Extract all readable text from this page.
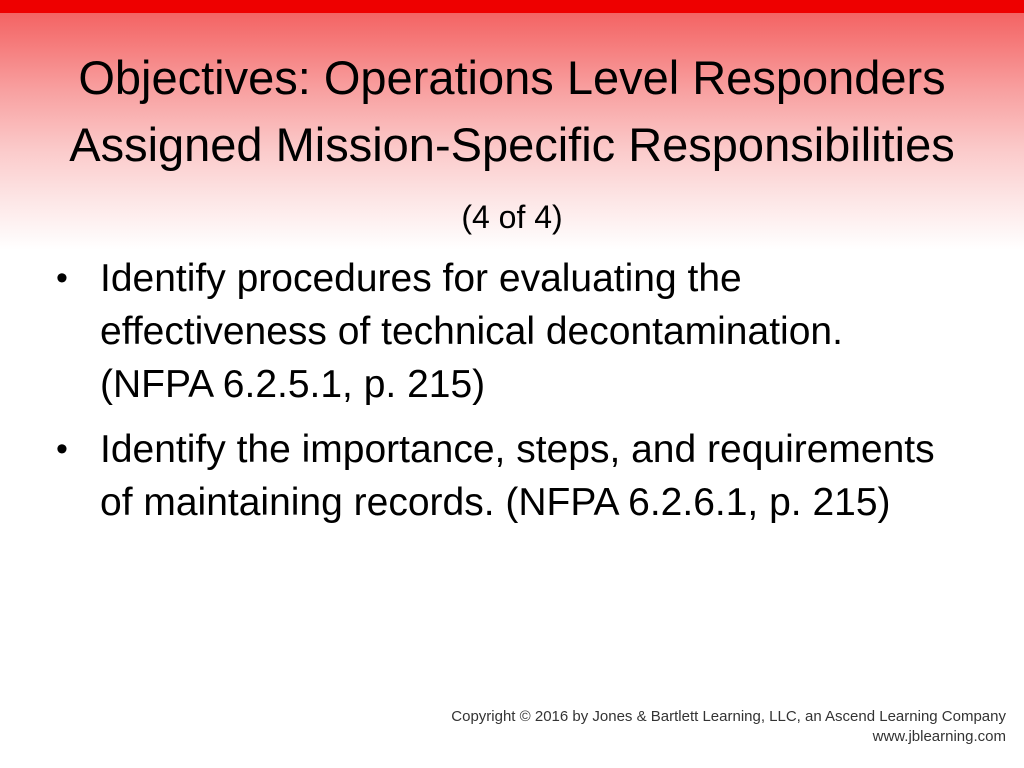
Objectives: Operations Level Responders Assigned Mission-Specific Responsibilities (4 of 4)
• Identify procedures for evaluating the effectiveness of technical decontamination. (NFPA 6.2.5.1, p. 215)
• Identify the importance, steps, and requirements of maintaining records. (NFPA 6.2.6.1, p. 215)
Copyright © 2016 by Jones & Bartlett Learning, LLC, an Ascend Learning Company
www.jblearning.com
